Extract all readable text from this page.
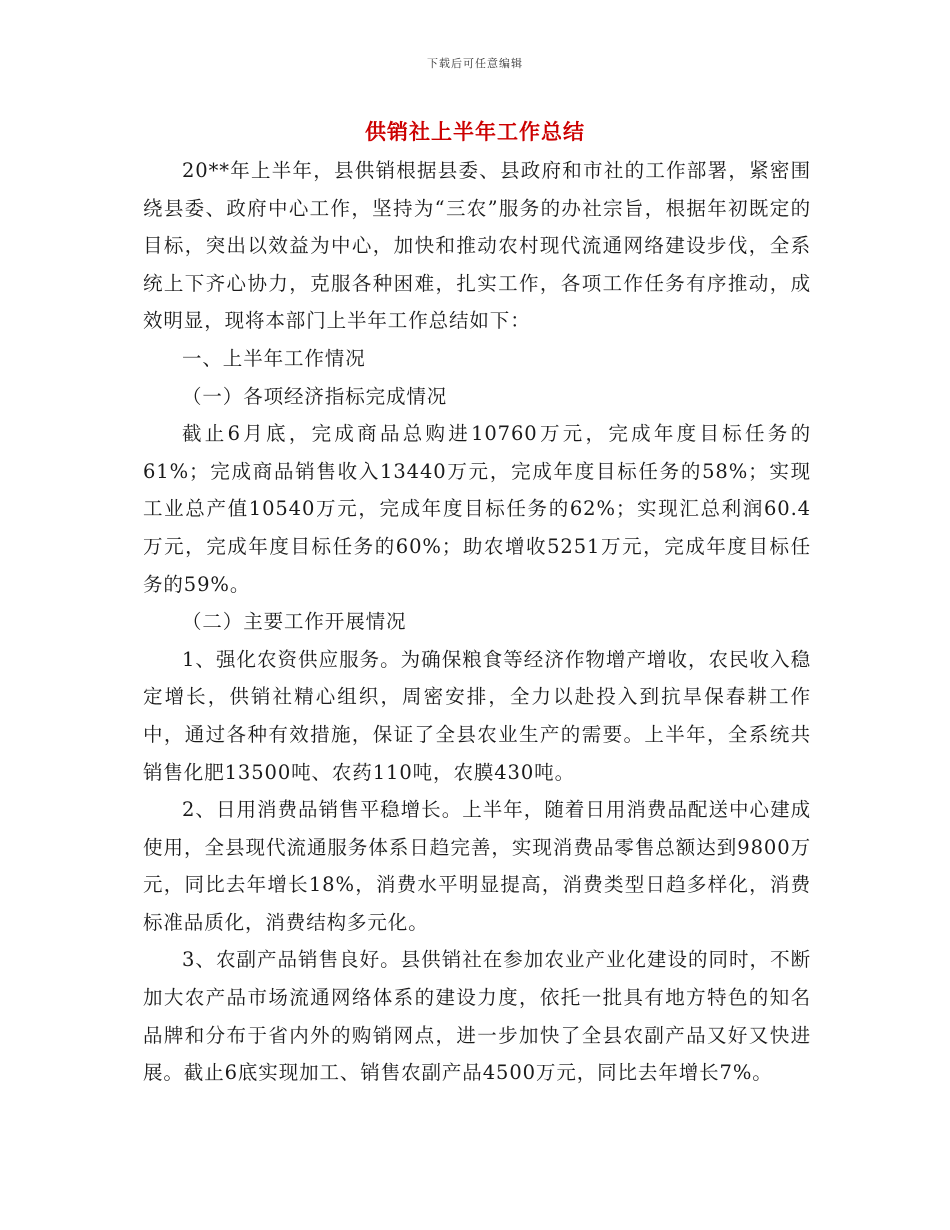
下载后可任意编辑
供销社上半年工作总结

20**年上半年，县供销根据县委、县政府和市社的工作部署，紧密围绕县委、政府中心工作，坚持为“三农”服务的办社宗旨，根据年初既定的目标，突出以效益为中心，加快和推动农村现代流通网络建设步伐，全系统上下齐心协力，克服各种困难，扎实工作，各项工作任务有序推动，成效明显，现将本部门上半年工作总结如下：

一、上半年工作情况

（一）各项经济指标完成情况

截止6月底，完成商品总购进10760万元，完成年度目标任务的61%；完成商品销售收入13440万元，完成年度目标任务的58%；实现工业总产值10540万元，完成年度目标任务的62%；实现汇总利润60.4万元，完成年度目标任务的60%；助农增收5251万元，完成年度目标任务的59%。

（二）主要工作开展情况

1、强化农资供应服务。为确保粮食等经济作物增产增收，农民收入稳定增长，供销社精心组织，周密安排，全力以赴投入到抗旱保春耕工作中，通过各种有效措施，保证了全县农业生产的需要。上半年，全系统共销售化肥13500吨、农药110吨，农膜430吨。

2、日用消费品销售平稳增长。上半年，随着日用消费品配送中心建成使用，全县现代流通服务体系日趋完善，实现消费品零售总额达到9800万元，同比去年增长18%，消费水平明显提高，消费类型日趋多样化，消费标准品质化，消费结构多元化。

3、农副产品销售良好。县供销社在参加农业产业化建设的同时，不断加大农产品市场流通网络体系的建设力度，依托一批具有地方特色的知名品牌和分布于省内外的购销网点，进一步加快了全县农副产品又好又快进展。截止6底实现加工、销售农副产品4500万元，同比去年增长7%。
